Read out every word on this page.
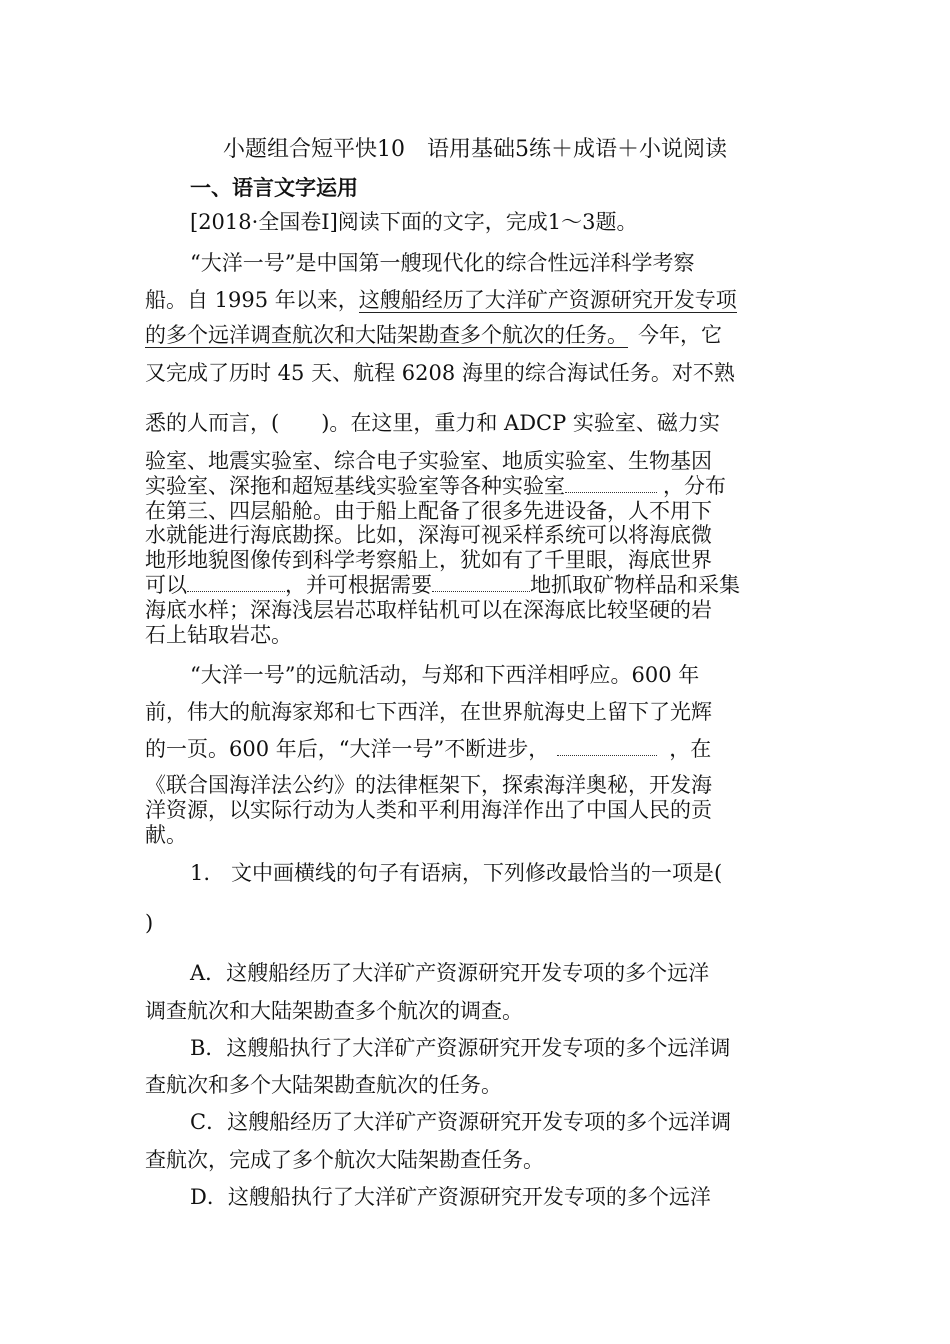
小题组合短平快10　语用基础5练＋成语＋小说阅读
一、语言文字运用
[2018·全国卷Ⅰ]阅读下面的文字，完成1～3题。
“大洋一号”是中国第一艘现代化的综合性远洋科学考察
船。自 1995 年以来，这艘船经历了大洋矿产资源研究开发专项
的多个远洋调查航次和大陆架勘查多个航次的任务。 今年，它
又完成了历时 45 天、航程 6208 海里的综合海试任务。对不熟
悉的人而言，(　　)。在这里，重力和 ADCP 实验室、磁力实
验室、地震实验室、综合电子实验室、地质实验室、生物基因
实验室、深拖和超短基线实验室等各种实验室	，分布
在第三、四层船舱。由于船上配备了很多先进设备，人不用下
水就能进行海底勘探。比如，深海可视采样系统可以将海底微
地形地貌图像传到科学考察船上，犹如有了千里眼，海底世界
可以	，并可根据需要	地抓取矿物样品和采集
海底水样；深海浅层岩芯取样钻机可以在深海底比较坚硬的岩
石上钻取岩芯。
“大洋一号”的远航活动，与郑和下西洋相呼应。600 年
前，伟大的航海家郑和七下西洋，在世界航海史上留下了光辉
的一页。600 年后，“大洋一号”不断进步，	，在
《联合国海洋法公约》的法律框架下，探索海洋奥秘，开发海
洋资源，以实际行动为人类和平利用海洋作出了中国人民的贡
献。
1.　文中画横线的句子有语病，下列修改最恰当的一项是(
)
A．这艘船经历了大洋矿产资源研究开发专项的多个远洋
调查航次和大陆架勘查多个航次的调查。
B．这艘船执行了大洋矿产资源研究开发专项的多个远洋调
查航次和多个大陆架勘查航次的任务。
C．这艘船经历了大洋矿产资源研究开发专项的多个远洋调
查航次，完成了多个航次大陆架勘查任务。
D．这艘船执行了大洋矿产资源研究开发专项的多个远洋
